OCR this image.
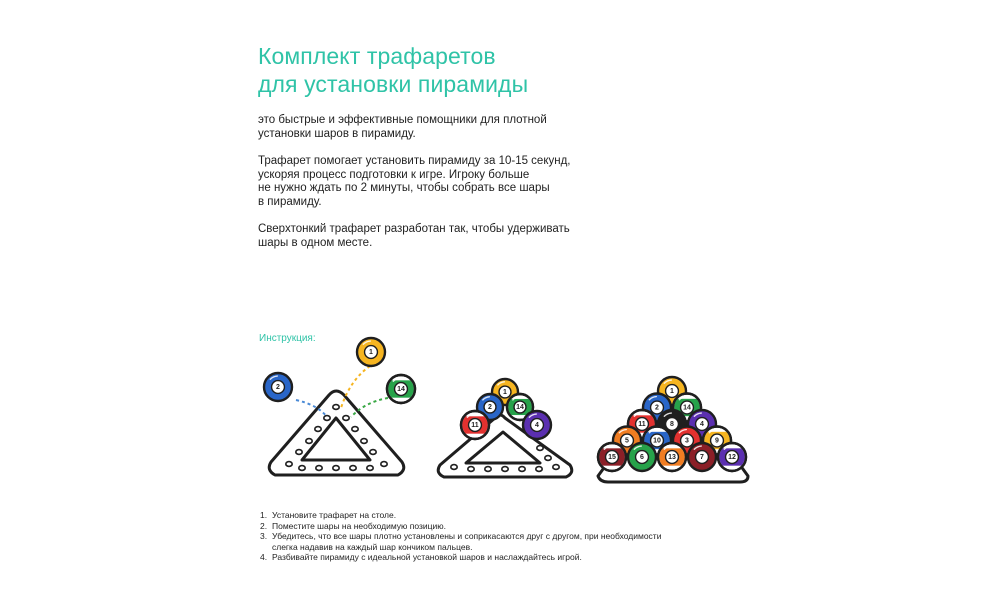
Комплект трафаретов
для установки пирамиды

это быстрые и эффективные помощники для плотной
установки шаров в пирамиду.

Трафарет помогает установить пирамиду за 10-15 секунд,
ускоряя процесс подготовки к игре. Игроку больше
не нужно ждать по 2 минуты, чтобы собрать все шары
в пирамиду.

Сверхтонкий трафарет разработан так, чтобы удерживать
шары в одном месте.

Инструкция:

2
1
14	1
2	14
11	4
1
2	14
11	8	4
5	10	3	9
15	6	13	7	12
1. Установите трафарет на столе.
2. Поместите шары на необходимую позицию.
3. Убедитесь, что все шары плотно установлены и соприкасаются друг с другом, при необходимости
слегка надавив на каждый шар кончиком пальцев.
4. Разбивайте пирамиду с идеальной установкой шаров и наслаждайтесь игрой.
